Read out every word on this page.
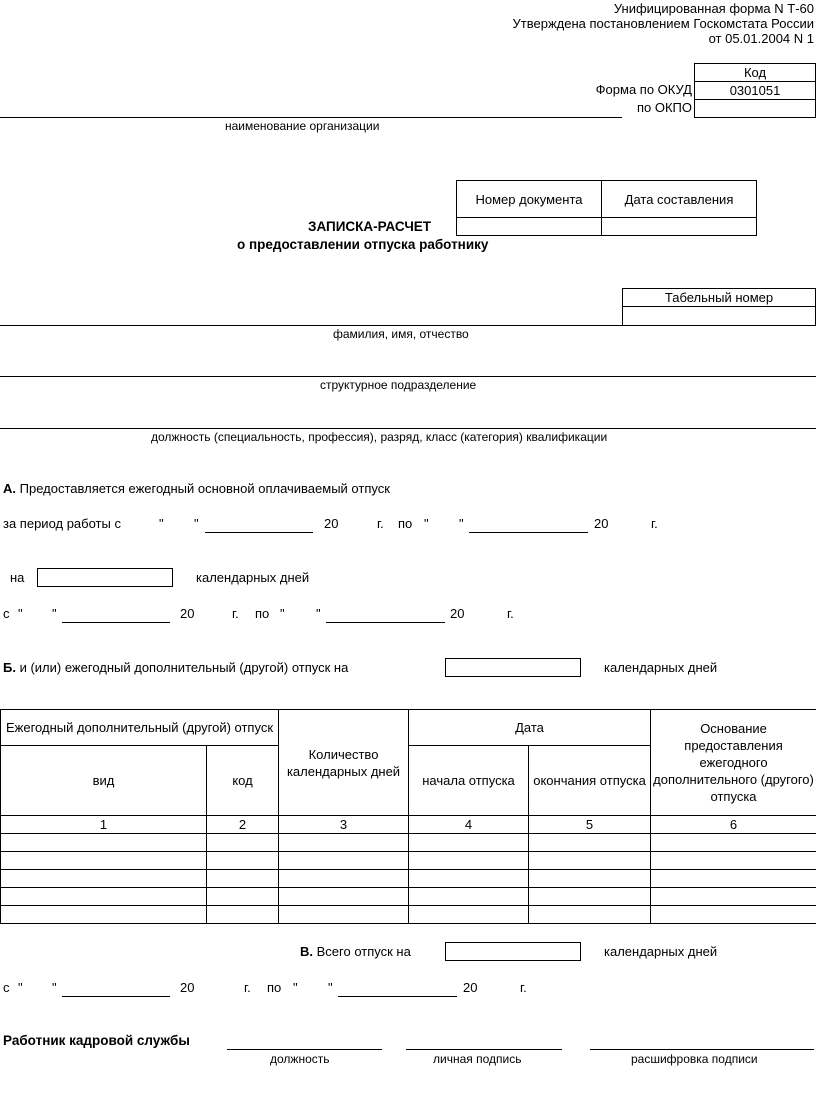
Унифицированная форма N Т-60
Утверждена постановлением Госкомстата России
от 05.01.2004 N 1
Код
0301051
Форма по ОКУД
по ОКПО
наименование организации
Номер документа	Дата составления
ЗАПИСКА-РАСЧЕТ
о предоставлении отпуска работнику
Табельный номер
фамилия, имя, отчество
структурное подразделение
должность (специальность, профессия), разряд, класс (категория) квалификации
А. Предоставляется ежегодный основной оплачиваемый отпуск
за период работы с	" "	20	г. по " "	20	г.
на	календарных дней
с " "	20	г. по " "	20	г.
Б. и (или) ежегодный дополнительный (другой) отпуск на	календарных дней
Ежегодный дополнительный (другой) отпуск		Количество календарных дней	Дата		Основание предоставления ежегодного дополнительного (другого) отпуска
вид	код		начала отпуска	окончания отпуска	
1	2	3	4	5	6

В. Всего отпуск на	календарных дней
с " "	20	г. по " "	20	г.
Работник кадровой службы
должность	личная подпись	расшифровка подписи
